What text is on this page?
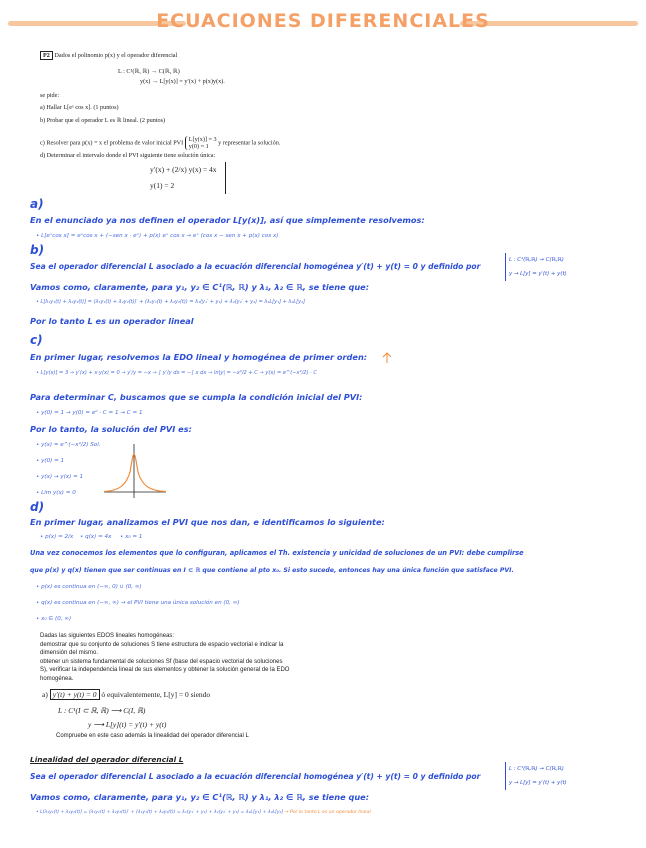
ECUACIONES DIFERENCIALES
P2 Dados el polinomio p(x) y el operador diferencial
L : C¹(ℝ, ℝ) → C(ℝ, ℝ)
y(x) → L[y(x)] = y′(x) + p(x)y(x).
se pide:
a) Hallar L[eˣ cos x]. (1 puntos)
b) Probar que el operador L es ℝ lineal. (2 puntos)
c) Resolver para p(x) = x el problema de valor inicial PVI L[y(x)] = 3
y(0) = 1
y representar la solución.
d) Determinar el intervalo donde el PVI siguiente tiene solución única:
y′(x) + (2/x) y(x) = 4x
y(1) = 2
a)
En el enunciado ya nos definen el operador L[y(x)], así que simplemente resolvemos:
• L[eˣcos x] = eˣcos x + (−sen x · eˣ) + p(x) eˣ cos x → eˣ (cos x − sen x + p(x) cos x)
b)
Sea el operador diferencial L asociado a la ecuación diferencial homogénea y′(t) + y(t) = 0 y definido por
L : C¹(ℝ,ℝ) → C(ℝ,ℝ)
y → L[y] = y′(t) + y(t)
Vamos como, claramente, para y₁, y₂ ∈ C¹(ℝ, ℝ) y λ₁, λ₂ ∈ ℝ, se tiene que:
• L[λ₁y₁(t) + λ₂y₂(t)] = (λ₁y₁(t) + λ₂y₂(t))′ + (λ₁y₁(t) + λ₂y₂(t)) = λ₁(y₁′ + y₁) + λ₂(y₂′ + y₂) = λ₁L[y₁] + λ₂L[y₂]
Por lo tanto L es un operador lineal
c)
En primer lugar, resolvemos la EDO lineal y homogénea de primer orden:
• L[y(x)] = 3 → y′(x) + x·y(x) = 0 → y′/y = −x → ∫ y′/y dx = −∫ x dx → ln|y| = −x²/2 + C → y(x) = e^(−x²/2) · C
Para determinar C, buscamos que se cumpla la condición inicial del PVI:
• y(0) = 1 → y(0) = e⁰ · C = 1 → C = 1
Por lo tanto, la solución del PVI es:
• y(x) = e^(−x²/2) Sol.
• y(0) = 1
• y(x) → y(x) = 1
• Lim y(x) = 0
d)
En primer lugar, analizamos el PVI que nos dan, e identificamos lo siguiente:
• p(x) = 2/x • q(x) = 4x • x₀ = 1
Una vez conocemos los elementos que lo configuran, aplicamos el Th. existencia y unicidad de soluciones de un PVI: debe cumplirse
que p(x) y q(x) tienen que ser continuas en I ⊂ ℝ que contiene al pto x₀. Si esto sucede, entonces hay una única función que satisface PVI.
• p(x) es continua en (−∞, 0) ∪ (0, ∞)
• q(x) es continua en (−∞, ∞) → el PVI tiene una única solución en (0, ∞)
• x₀ ∈ (0, ∞)
Dadas las siguientes EDOS lineales homogéneas:
demostrar que su conjunto de soluciones S tiene estructura de espacio vectorial e indicar la
dimensión del mismo.
obtener un sistema fundamental de soluciones Sf (base del espacio vectorial de soluciones
S), verificar la independencia lineal de sus elementos y obtener la solución general de la EDO
homogénea.
a) y′(t) + y(t) = 0 ó equivalentemente, L[y] = 0 siendo
L : C¹(I ⊂ ℝ, ℝ) ⟶ C(I, ℝ)
y ⟶ L[y](t) = y′(t) + y(t)
Compruebe en este caso además la linealidad del operador diferencial L
Linealidad del operador diferencial L
Sea el operador diferencial L asociado a la ecuación diferencial homogénea y′(t) + y(t) = 0 y definido por
L : C¹(ℝ,ℝ) → C(ℝ,ℝ)
y → L[y] = y′(t) + y(t)
Vamos como, claramente, para y₁, y₂ ∈ C¹(ℝ, ℝ) y λ₁, λ₂ ∈ ℝ, se tiene que:
• L[λ₁y₁(t) + λ₂y₂(t)] = (λ₁y₁(t) + λ₂y₂(t))′ + (λ₁y₁(t) + λ₂y₂(t)) = λ₁(y₁′ + y₁) + λ₂(y₂′ + y₂) = λ₁L[y₁] + λ₂L[y₂] → Por lo tanto L es un operador lineal
